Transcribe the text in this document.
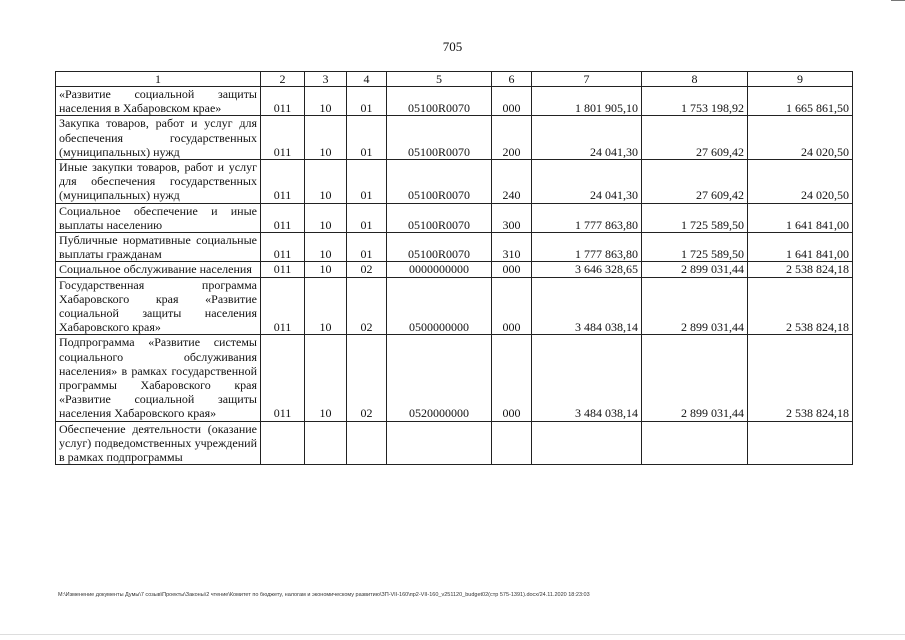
705
1	2	3	4	5	6	7	8	9
«Развитие социальной защиты населения в Хабаровском крае»	011	10	01	05100R0070	000	1 801 905,10	1 753 198,92	1 665 861,50
Закупка товаров, работ и услуг для обеспечения государственных (муниципальных) нужд	011	10	01	05100R0070	200	24 041,30	27 609,42	24 020,50
Иные закупки товаров, работ и услуг для обеспечения государственных (муниципальных) нужд	011	10	01	05100R0070	240	24 041,30	27 609,42	24 020,50
Социальное обеспечение и иные выплаты населению	011	10	01	05100R0070	300	1 777 863,80	1 725 589,50	1 641 841,00
Публичные нормативные социальные выплаты гражданам	011	10	01	05100R0070	310	1 777 863,80	1 725 589,50	1 641 841,00
Социальное обслуживание населения	011	10	02	0000000000	000	3 646 328,65	2 899 031,44	2 538 824,18
Государственная программа Хабаровского края «Развитие социальной защиты населения Хабаровского края»	011	10	02	0500000000	000	3 484 038,14	2 899 031,44	2 538 824,18
Подпрограмма «Развитие системы социального обслуживания населения» в рамках государственной программы Хабаровского края «Развитие социальной защиты населения Хабаровского края»	011	10	02	0520000000	000	3 484 038,14	2 899 031,44	2 538 824,18
Обеспечение деятельности (оказание услуг) подведомственных учреждений в рамках подпрограммы								
M:\Изменение документы Думы\7 созыв\Проекты\Законы\2 чтение\Комитет по бюджету, налогам и экономическому развитию\ЗП-VII-160\пр2-VII-160_v251120_budget02(стр 575-1391).docx/24.11.2020 18:23:03
